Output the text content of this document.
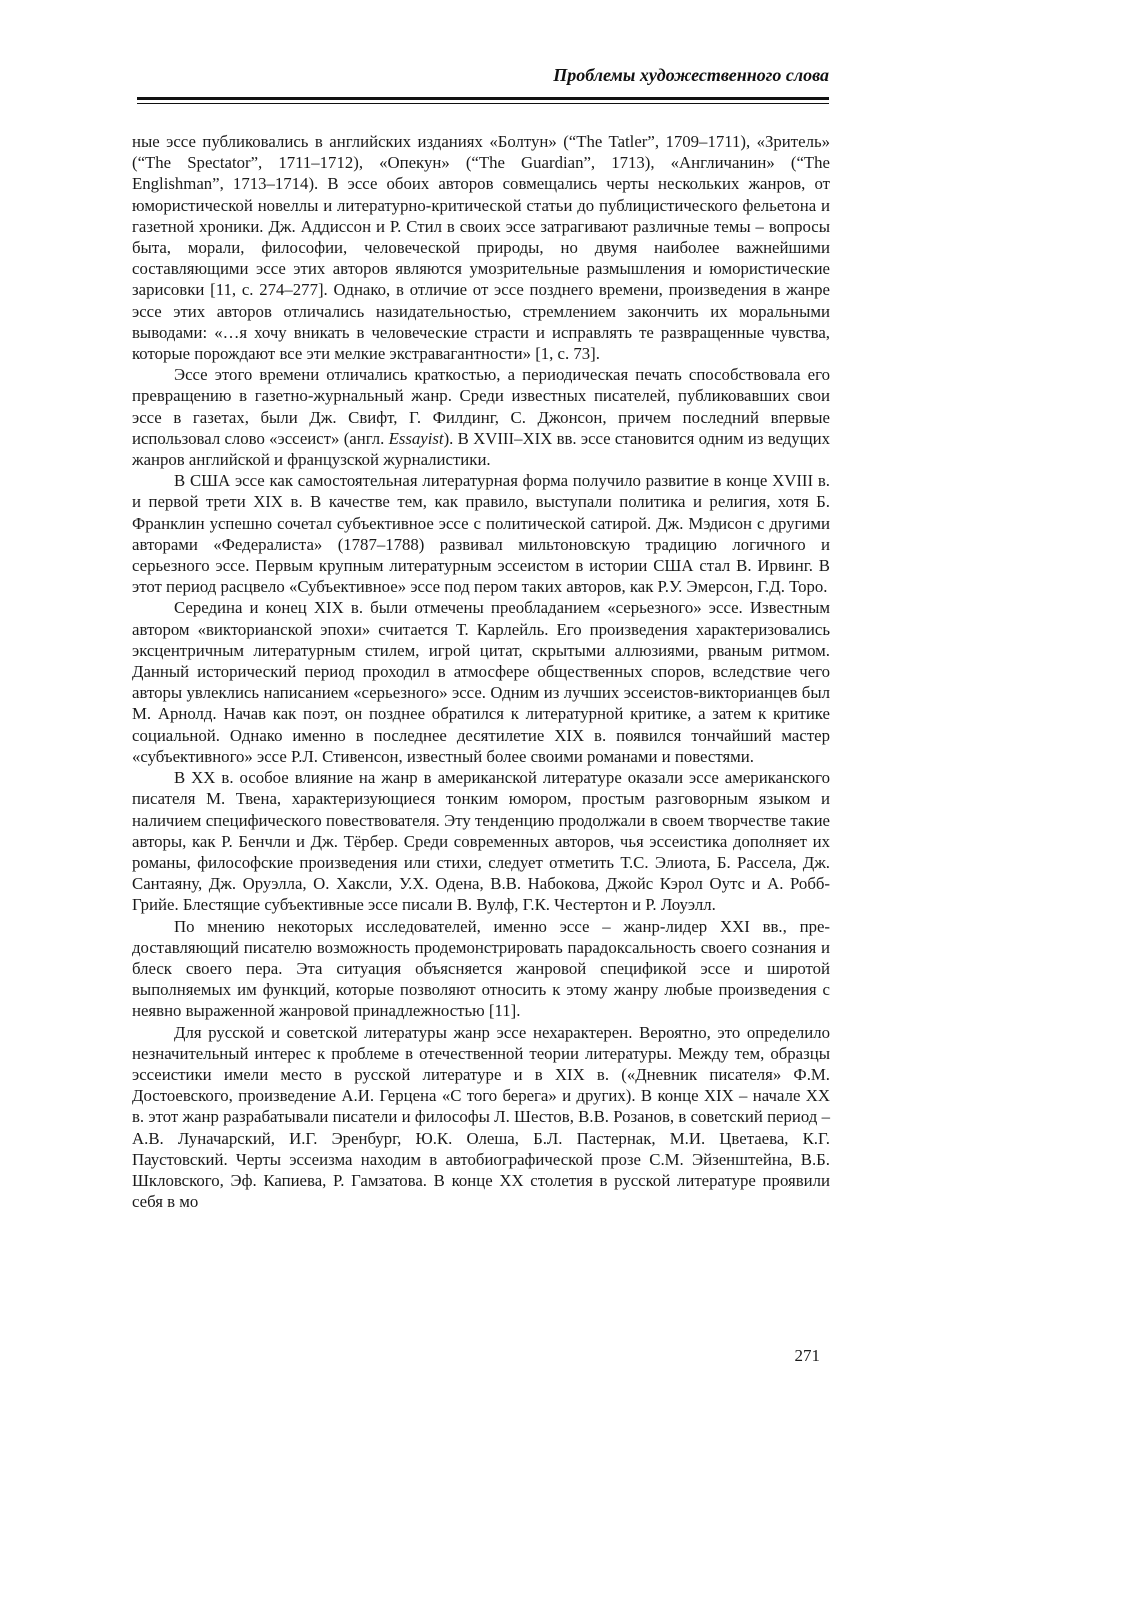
Проблемы художественного слова

ные эссе публиковались в английских изданиях «Болтун» (“The Tatler”, 1709–1711), «Зритель» (“The Spectator”, 1711–1712), «Опекун» (“The Guardian”, 1713), «Англичанин» (“The Englishman”, 1713–1714). В эссе обоих авторов совмещались черты нескольких жанров, от юмористической новеллы и литературно-критической статьи до публицистического фельетона и газетной хроники. Дж. Аддиссон и Р. Стил в своих эссе затрагивают различные темы – вопросы быта, морали, философии, человеческой природы, но двумя наиболее важнейшими составляющими эссе этих авторов являются умозрительные размышления и юмористические зарисовки [11, с. 274–277]. Однако, в отличие от эссе позднего времени, произведения в жанре эссе этих авторов отличались назидательностью, стремлением закончить их моральными выводами: «…я хочу вникать в человеческие страсти и исправлять те развращенные чувства, которые порождают все эти мелкие экстравагантности» [1, с. 73].

Эссе этого времени отличались краткостью, а периодическая печать способствовала его превращению в газетно-журнальный жанр. Среди известных писателей, публиковавших свои эссе в газетах, были Дж. Свифт, Г. Филдинг, С. Джонсон, причем последний впервые использовал слово «эссеист» (англ. Essayist). В XVIII–XIX вв. эссе становится одним из ведущих жанров английской и французской журналистики.

В США эссе как самостоятельная литературная форма получило развитие в конце XVIII в. и первой трети XIX в. В качестве тем, как правило, выступали политика и религия, хотя Б. Франклин успешно сочетал субъективное эссе с политической сатирой. Дж. Мэдисон с другими авторами «Федералиста» (1787–1788) развивал мильтоновскую традицию логичного и серьезного эссе. Первым крупным литературным эссеистом в истории США стал В. Ирвинг. В этот период расцвело «Субъективное» эссе под пером таких авторов, как Р.У. Эмерсон, Г.Д. Торо.

Середина и конец XIX в. были отмечены преобладанием «серьезного» эссе. Известным автором «викторианской эпохи» считается Т. Карлейль. Его произведения характеризовались эксцентричным литературным стилем, игрой цитат, скрытыми аллюзиями, рваным ритмом. Данный исторический период проходил в атмосфере общественных споров, вследствие чего авторы увлеклись написанием «серьезного» эссе. Одним из лучших эссеистов-викторианцев был М. Арнолд. Начав как поэт, он позднее обратился к литературной критике, а затем к критике социальной. Однако именно в последнее десятилетие XIX в. появился тончайший мастер «субъективного» эссе Р.Л. Стивенсон, известный более своими романами и повестями.

В XX в. особое влияние на жанр в американской литературе оказали эссе американского писателя М. Твена, характеризующиеся тонким юмором, простым разговорным языком и наличием специфического повествователя. Эту тенденцию продолжали в своем творчестве такие авторы, как Р. Бенчли и Дж. Тёрбер. Среди современных авторов, чья эссеистика дополняет их романы, философские произведения или стихи, следует отметить Т.С. Элиота, Б. Рассела, Дж. Сантаяну, Дж. Оруэлла, О. Хаксли, У.Х. Одена, В.В. Набокова, Джойс Кэрол Оутс и А. Робб-Грийе. Блестящие субъективные эссе писали В. Вулф, Г.К. Честертон и Р. Лоуэлл.

По мнению некоторых исследователей, именно эссе – жанр-лидер XXI вв., предоставляющий писателю возможность продемонстрировать парадоксальность своего сознания и блеск своего пера. Эта ситуация объясняется жанровой спецификой эссе и широтой выполняемых им функций, которые позволяют относить к этому жанру любые произведения с неявно выраженной жанровой принадлежностью [11].

Для русской и советской литературы жанр эссе нехарактерен. Вероятно, это определило незначительный интерес к проблеме в отечественной теории литературы. Между тем, образцы эссеистики имели место в русской литературе и в XIX в. («Дневник писателя» Ф.М. Достоевского, произведение А.И. Герцена «С того берега» и других). В конце XIX – начале XX в. этот жанр разрабатывали писатели и философы Л. Шестов, В.В. Розанов, в советский период – А.В. Луначарский, И.Г. Эренбург, Ю.К. Олеша, Б.Л. Пастернак, М.И. Цветаева, К.Г. Паустовский. Черты эссеизма находим в автобиографической прозе С.М. Эйзенштейна, В.Б. Шкловского, Эф. Капиева, Р. Гамзатова. В конце XX столетия в русской литературе проявили себя в мо

271
